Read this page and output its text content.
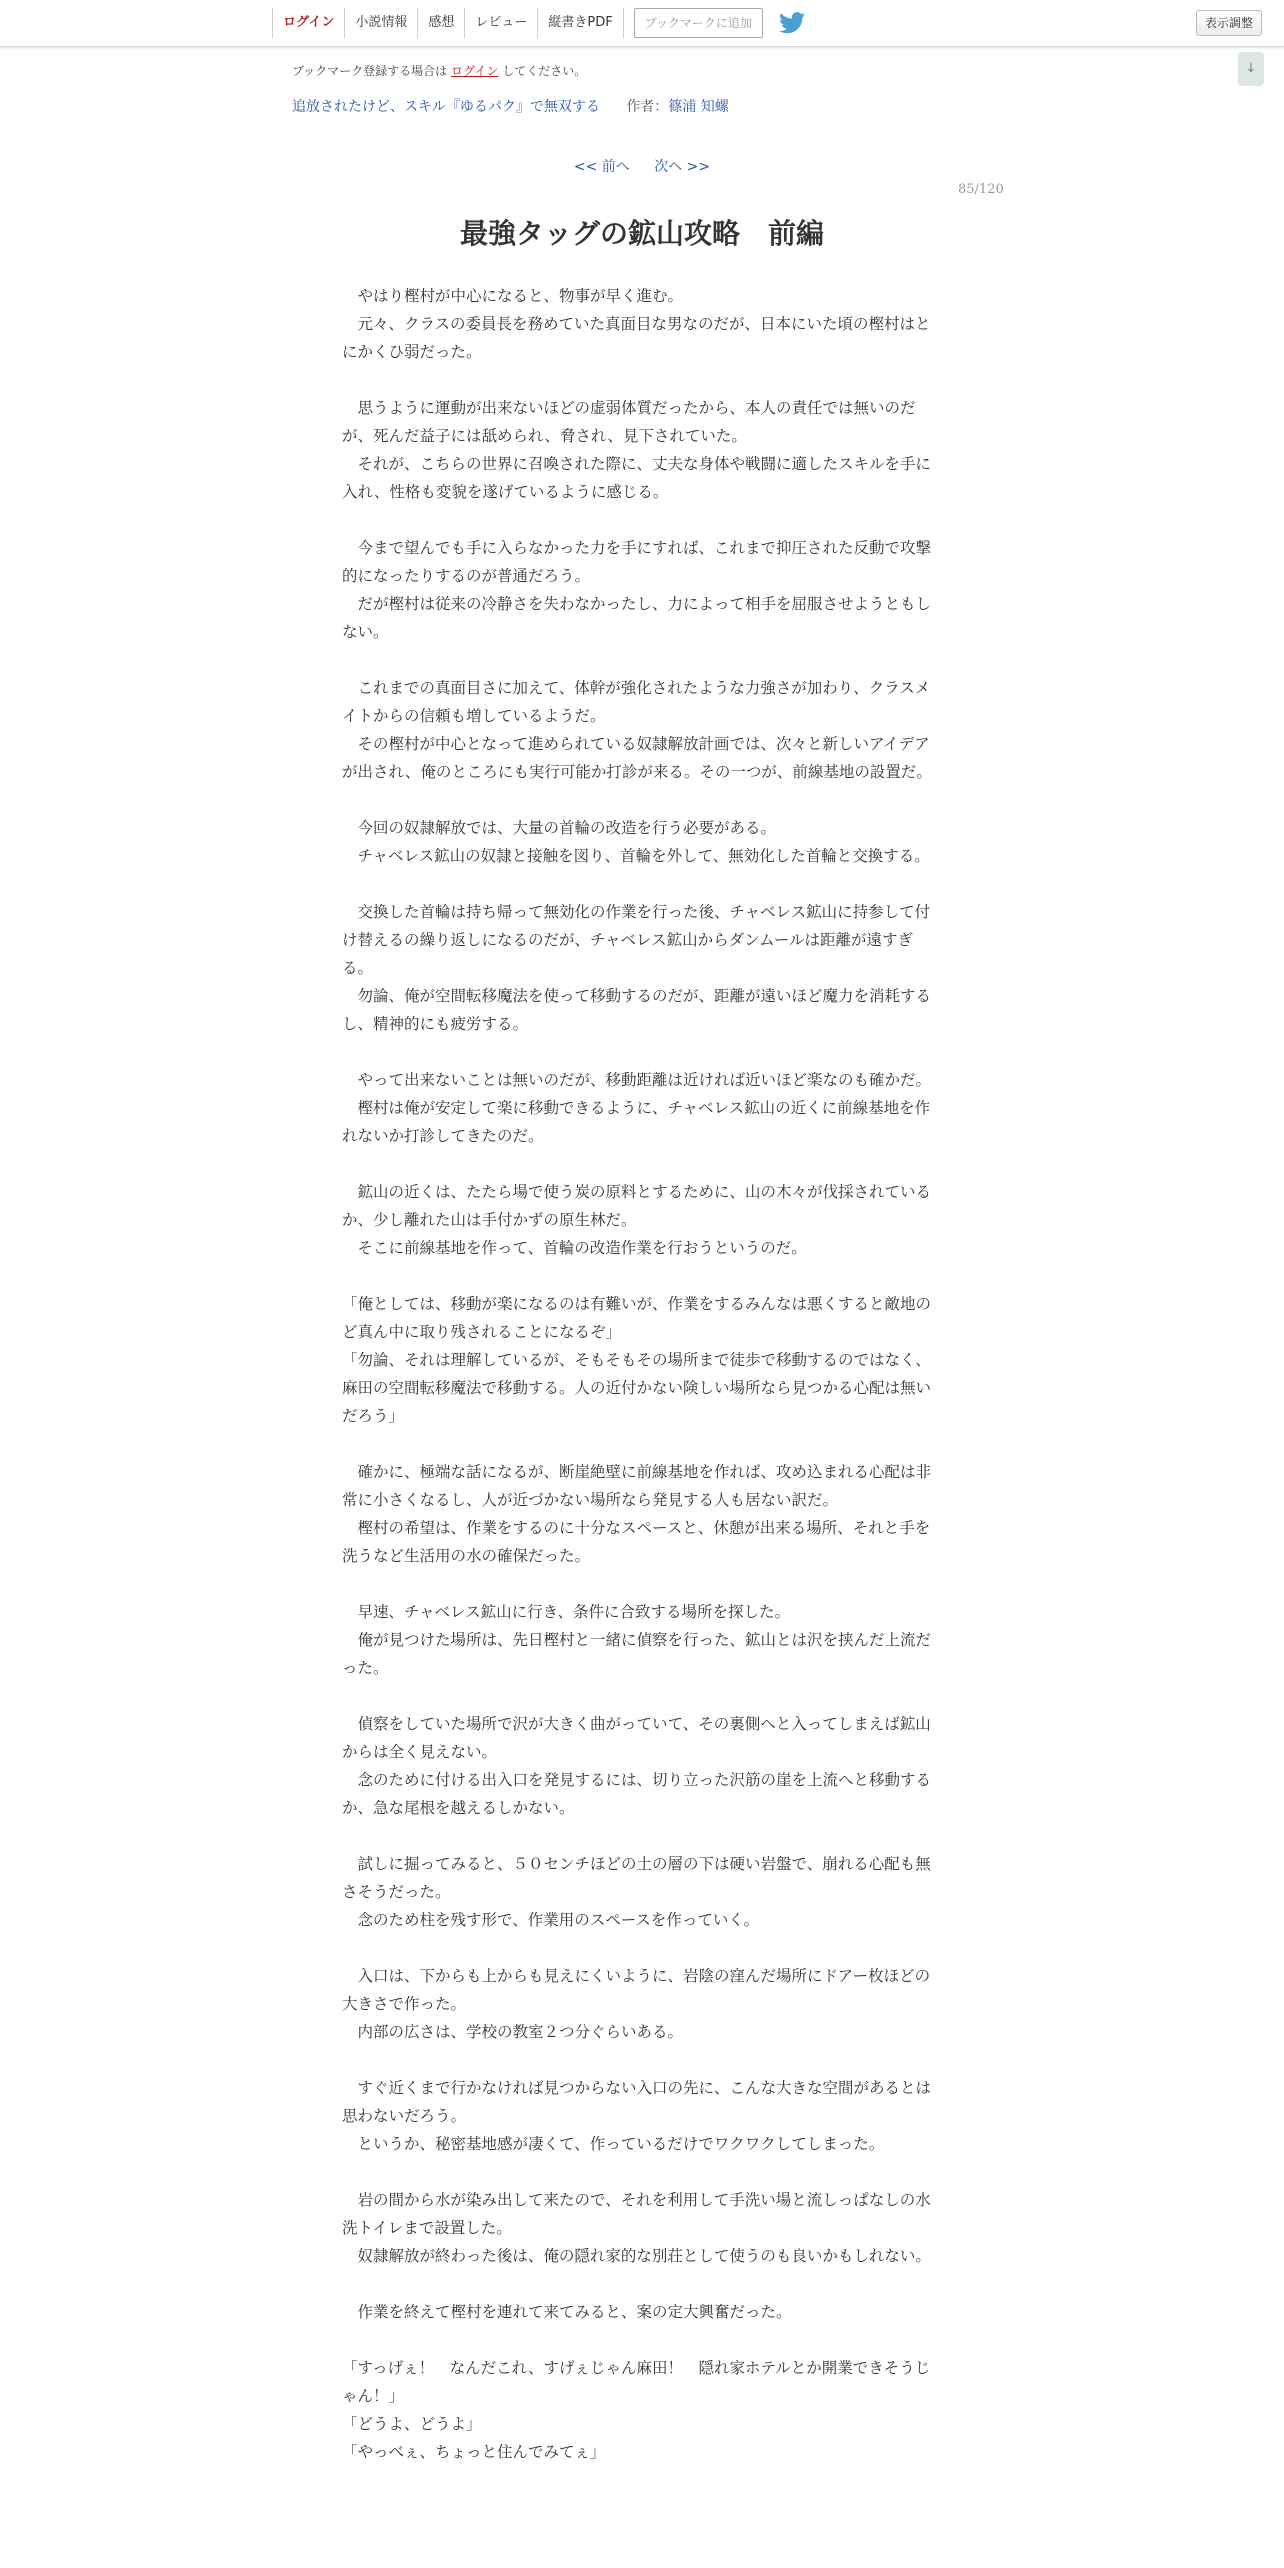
ログイン	小説情報	感想	レビュー	縦書きPDF	ブックマークに追加	表示調整
↓
ブックマーク登録する場合は ログイン してください。
追放されたけど、スキル『ゆるパク』で無双する 作者：篠浦 知螺
<< 前へ 次へ >>
85/120
最強タッグの鉱山攻略　前編

　やはり樫村が中心になると、物事が早く進む。

　元々、クラスの委員長を務めていた真面目な男なのだが、日本にいた頃の樫村はとにかくひ弱だった。

　思うように運動が出来ないほどの虚弱体質だったから、本人の責任では無いのだが、死んだ益子には舐められ、脅され、見下されていた。

　それが、こちらの世界に召喚された際に、丈夫な身体や戦闘に適したスキルを手に入れ、性格も変貌を遂げているように感じる。

　今まで望んでも手に入らなかった力を手にすれば、これまで抑圧された反動で攻撃的になったりするのが普通だろう。

　だが樫村は従来の冷静さを失わなかったし、力によって相手を屈服させようともしない。

　これまでの真面目さに加えて、体幹が強化されたような力強さが加わり、クラスメイトからの信頼も増しているようだ。

　その樫村が中心となって進められている奴隷解放計画では、次々と新しいアイデアが出され、俺のところにも実行可能か打診が来る。その一つが、前線基地の設置だ。

　今回の奴隷解放では、大量の首輪の改造を行う必要がある。

　チャベレス鉱山の奴隷と接触を図り、首輪を外して、無効化した首輪と交換する。

　交換した首輪は持ち帰って無効化の作業を行った後、チャベレス鉱山に持参して付け替えるの繰り返しになるのだが、チャベレス鉱山からダンムールは距離が遠すぎる。

　勿論、俺が空間転移魔法を使って移動するのだが、距離が遠いほど魔力を消耗するし、精神的にも疲労する。

　やって出来ないことは無いのだが、移動距離は近ければ近いほど楽なのも確かだ。

　樫村は俺が安定して楽に移動できるように、チャベレス鉱山の近くに前線基地を作れないか打診してきたのだ。

　鉱山の近くは、たたら場で使う炭の原料とするために、山の木々が伐採されているか、少し離れた山は手付かずの原生林だ。

　そこに前線基地を作って、首輪の改造作業を行おうというのだ。

「俺としては、移動が楽になるのは有難いが、作業をするみんなは悪くすると敵地のど真ん中に取り残されることになるぞ」

「勿論、それは理解しているが、そもそもその場所まで徒歩で移動するのではなく、麻田の空間転移魔法で移動する。人の近付かない険しい場所なら見つかる心配は無いだろう」

　確かに、極端な話になるが、断崖絶壁に前線基地を作れば、攻め込まれる心配は非常に小さくなるし、人が近づかない場所なら発見する人も居ない訳だ。

　樫村の希望は、作業をするのに十分なスペースと、休憩が出来る場所、それと手を洗うなど生活用の水の確保だった。

　早速、チャベレス鉱山に行き、条件に合致する場所を探した。

　俺が見つけた場所は、先日樫村と一緒に偵察を行った、鉱山とは沢を挟んだ上流だった。

　偵察をしていた場所で沢が大きく曲がっていて、その裏側へと入ってしまえば鉱山からは全く見えない。

　念のために付ける出入口を発見するには、切り立った沢筋の崖を上流へと移動するか、急な尾根を越えるしかない。

　試しに掘ってみると、５０センチほどの土の層の下は硬い岩盤で、崩れる心配も無さそうだった。

　念のため柱を残す形で、作業用のスペースを作っていく。

　入口は、下からも上からも見えにくいように、岩陰の窪んだ場所にドアー枚ほどの大きさで作った。

　内部の広さは、学校の教室２つ分ぐらいある。

　すぐ近くまで行かなければ見つからない入口の先に、こんな大きな空間があるとは思わないだろう。

　というか、秘密基地感が凄くて、作っているだけでワクワクしてしまった。

　岩の間から水が染み出して来たので、それを利用して手洗い場と流しっぱなしの水洗トイレまで設置した。

　奴隷解放が終わった後は、俺の隠れ家的な別荘として使うのも良いかもしれない。

　作業を終えて樫村を連れて来てみると、案の定大興奮だった。

「すっげぇ！　なんだこれ、すげぇじゃん麻田！　隠れ家ホテルとか開業できそうじゃん！」

「どうよ、どうよ」

「やっべぇ、ちょっと住んでみてぇ」
